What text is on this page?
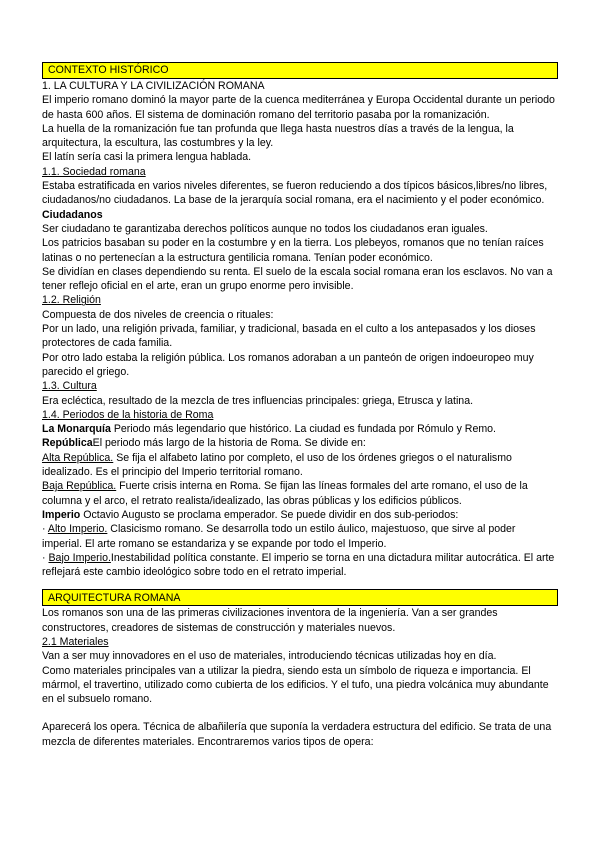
CONTEXTO HISTÓRICO
1. LA CULTURA Y LA CIVILIZACIÓN ROMANA
El imperio romano dominó la mayor parte de la cuenca mediterránea y Europa Occidental durante un periodo de hasta 600 años. El sistema de dominación romano del territorio pasaba por la romanización.
La huella de la romanización fue tan profunda que llega hasta nuestros días a través de la lengua, la arquitectura, la escultura, las costumbres y la ley.
El latín sería casi la primera lengua hablada.
1.1. Sociedad romana
Estaba estratificada en varios niveles diferentes, se fueron reduciendo a dos típicos básicos,libres/no libres, ciudadanos/no ciudadanos. La base de la jerarquía social romana, era el nacimiento y el poder económico.
Ciudadanos
Ser ciudadano te garantizaba derechos políticos aunque no todos los ciudadanos eran iguales.
Los patricios basaban su poder en la costumbre y en la tierra. Los plebeyos, romanos que no tenían raíces latinas o no pertenecían a la estructura gentilicia romana. Tenían poder económico.
Se dividían en clases dependiendo su renta. El suelo de la escala social romana eran los esclavos. No van a tener reflejo oficial en el arte, eran un grupo enorme pero invisible.
1.2. Religión
Compuesta de dos niveles de creencia o rituales:
Por un lado, una religión privada, familiar, y tradicional, basada en el culto a los antepasados y los dioses protectores de cada familia.
Por otro lado estaba la religión pública. Los romanos adoraban a un panteón de origen indoeuropeo muy parecido el griego.
1.3. Cultura
Era ecléctica, resultado de la mezcla de tres influencias principales: griega, Etrusca y latina.
1.4. Periodos de la historia de Roma
La Monarquía Periodo más legendario que histórico. La ciudad es fundada por Rómulo y Remo.
RepúblicaEl periodo más largo de la historia de Roma. Se divide en:
Alta República. Se fija el alfabeto latino por completo, el uso de los órdenes griegos o el naturalismo idealizado. Es el principio del Imperio territorial romano.
Baja República. Fuerte crisis interna en Roma. Se fijan las líneas formales del arte romano, el uso de la columna y el arco, el retrato realista/idealizado, las obras públicas y los edificios públicos.
Imperio Octavio Augusto se proclama emperador. Se puede dividir en dos sub-periodos:
· Alto Imperio. Clasicismo romano. Se desarrolla todo un estilo áulico, majestuoso, que sirve al poder imperial. El arte romano se estandariza y se expande por todo el Imperio.
· Bajo Imperio.Inestabilidad política constante. El imperio se torna en una dictadura militar autocrática. El arte reflejará este cambio ideológico sobre todo en el retrato imperial.
ARQUITECTURA ROMANA
Los romanos son una de las primeras civilizaciones inventora de la ingeniería. Van a ser grandes constructores, creadores de sistemas de construcción y materiales nuevos.
2.1 Materiales
Van a ser muy innovadores en el uso de materiales, introduciendo técnicas utilizadas hoy en día.
Como materiales principales van a utilizar la piedra, siendo esta un símbolo de riqueza e importancia. El mármol, el travertino, utilizado como cubierta de los edificios. Y el tufo, una piedra volcánica muy abundante en el subsuelo romano.
Aparecerá los opera. Técnica de albañilería que suponía la verdadera estructura del edificio. Se trata de una mezcla de diferentes materiales. Encontraremos varios tipos de opera:
